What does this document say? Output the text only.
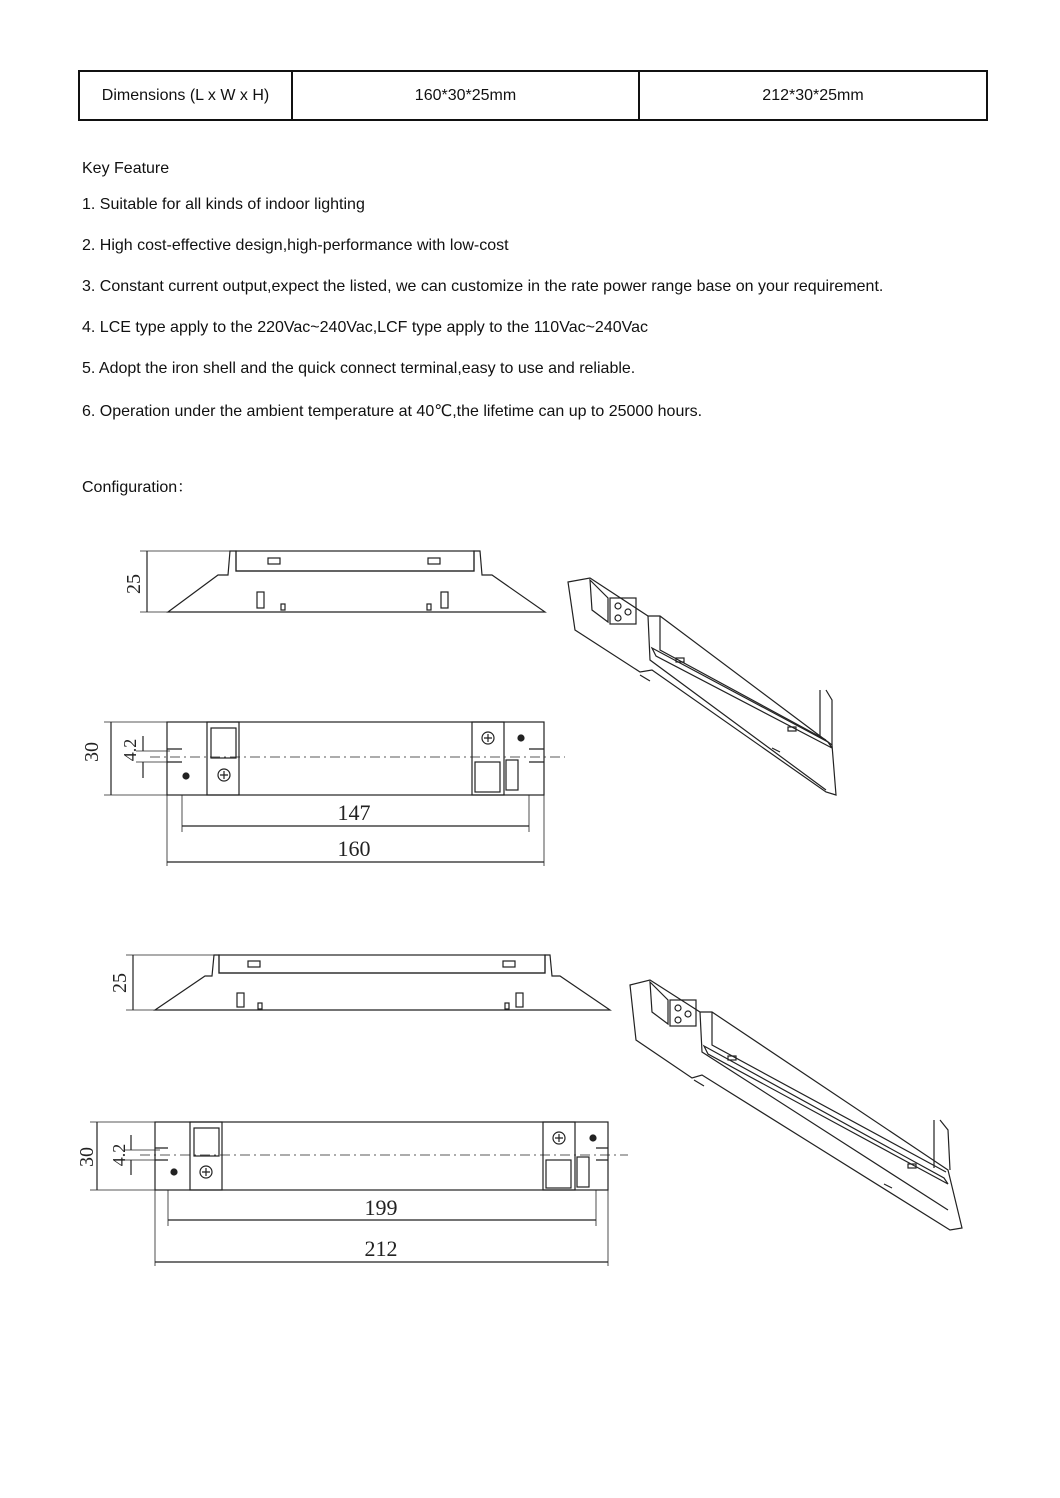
Dimensions (L x W x H)	160*30*25mm	212*30*25mm

Key Feature

1. Suitable for all kinds of indoor lighting

2. High cost-effective design,high-performance with low-cost

3. Constant current output,expect the listed, we can customize in the rate power range base on your requirement.

4. LCE type apply to the 220Vac~240Vac,LCF type apply to the 110Vac~240Vac

5. Adopt the iron shell and the quick connect terminal,easy to use and reliable.

6. Operation under the ambient temperature at 40℃,the lifetime can up to 25000 hours.

Configuration：

25
30 4.2
147
160
25
30 4.2
199
212
